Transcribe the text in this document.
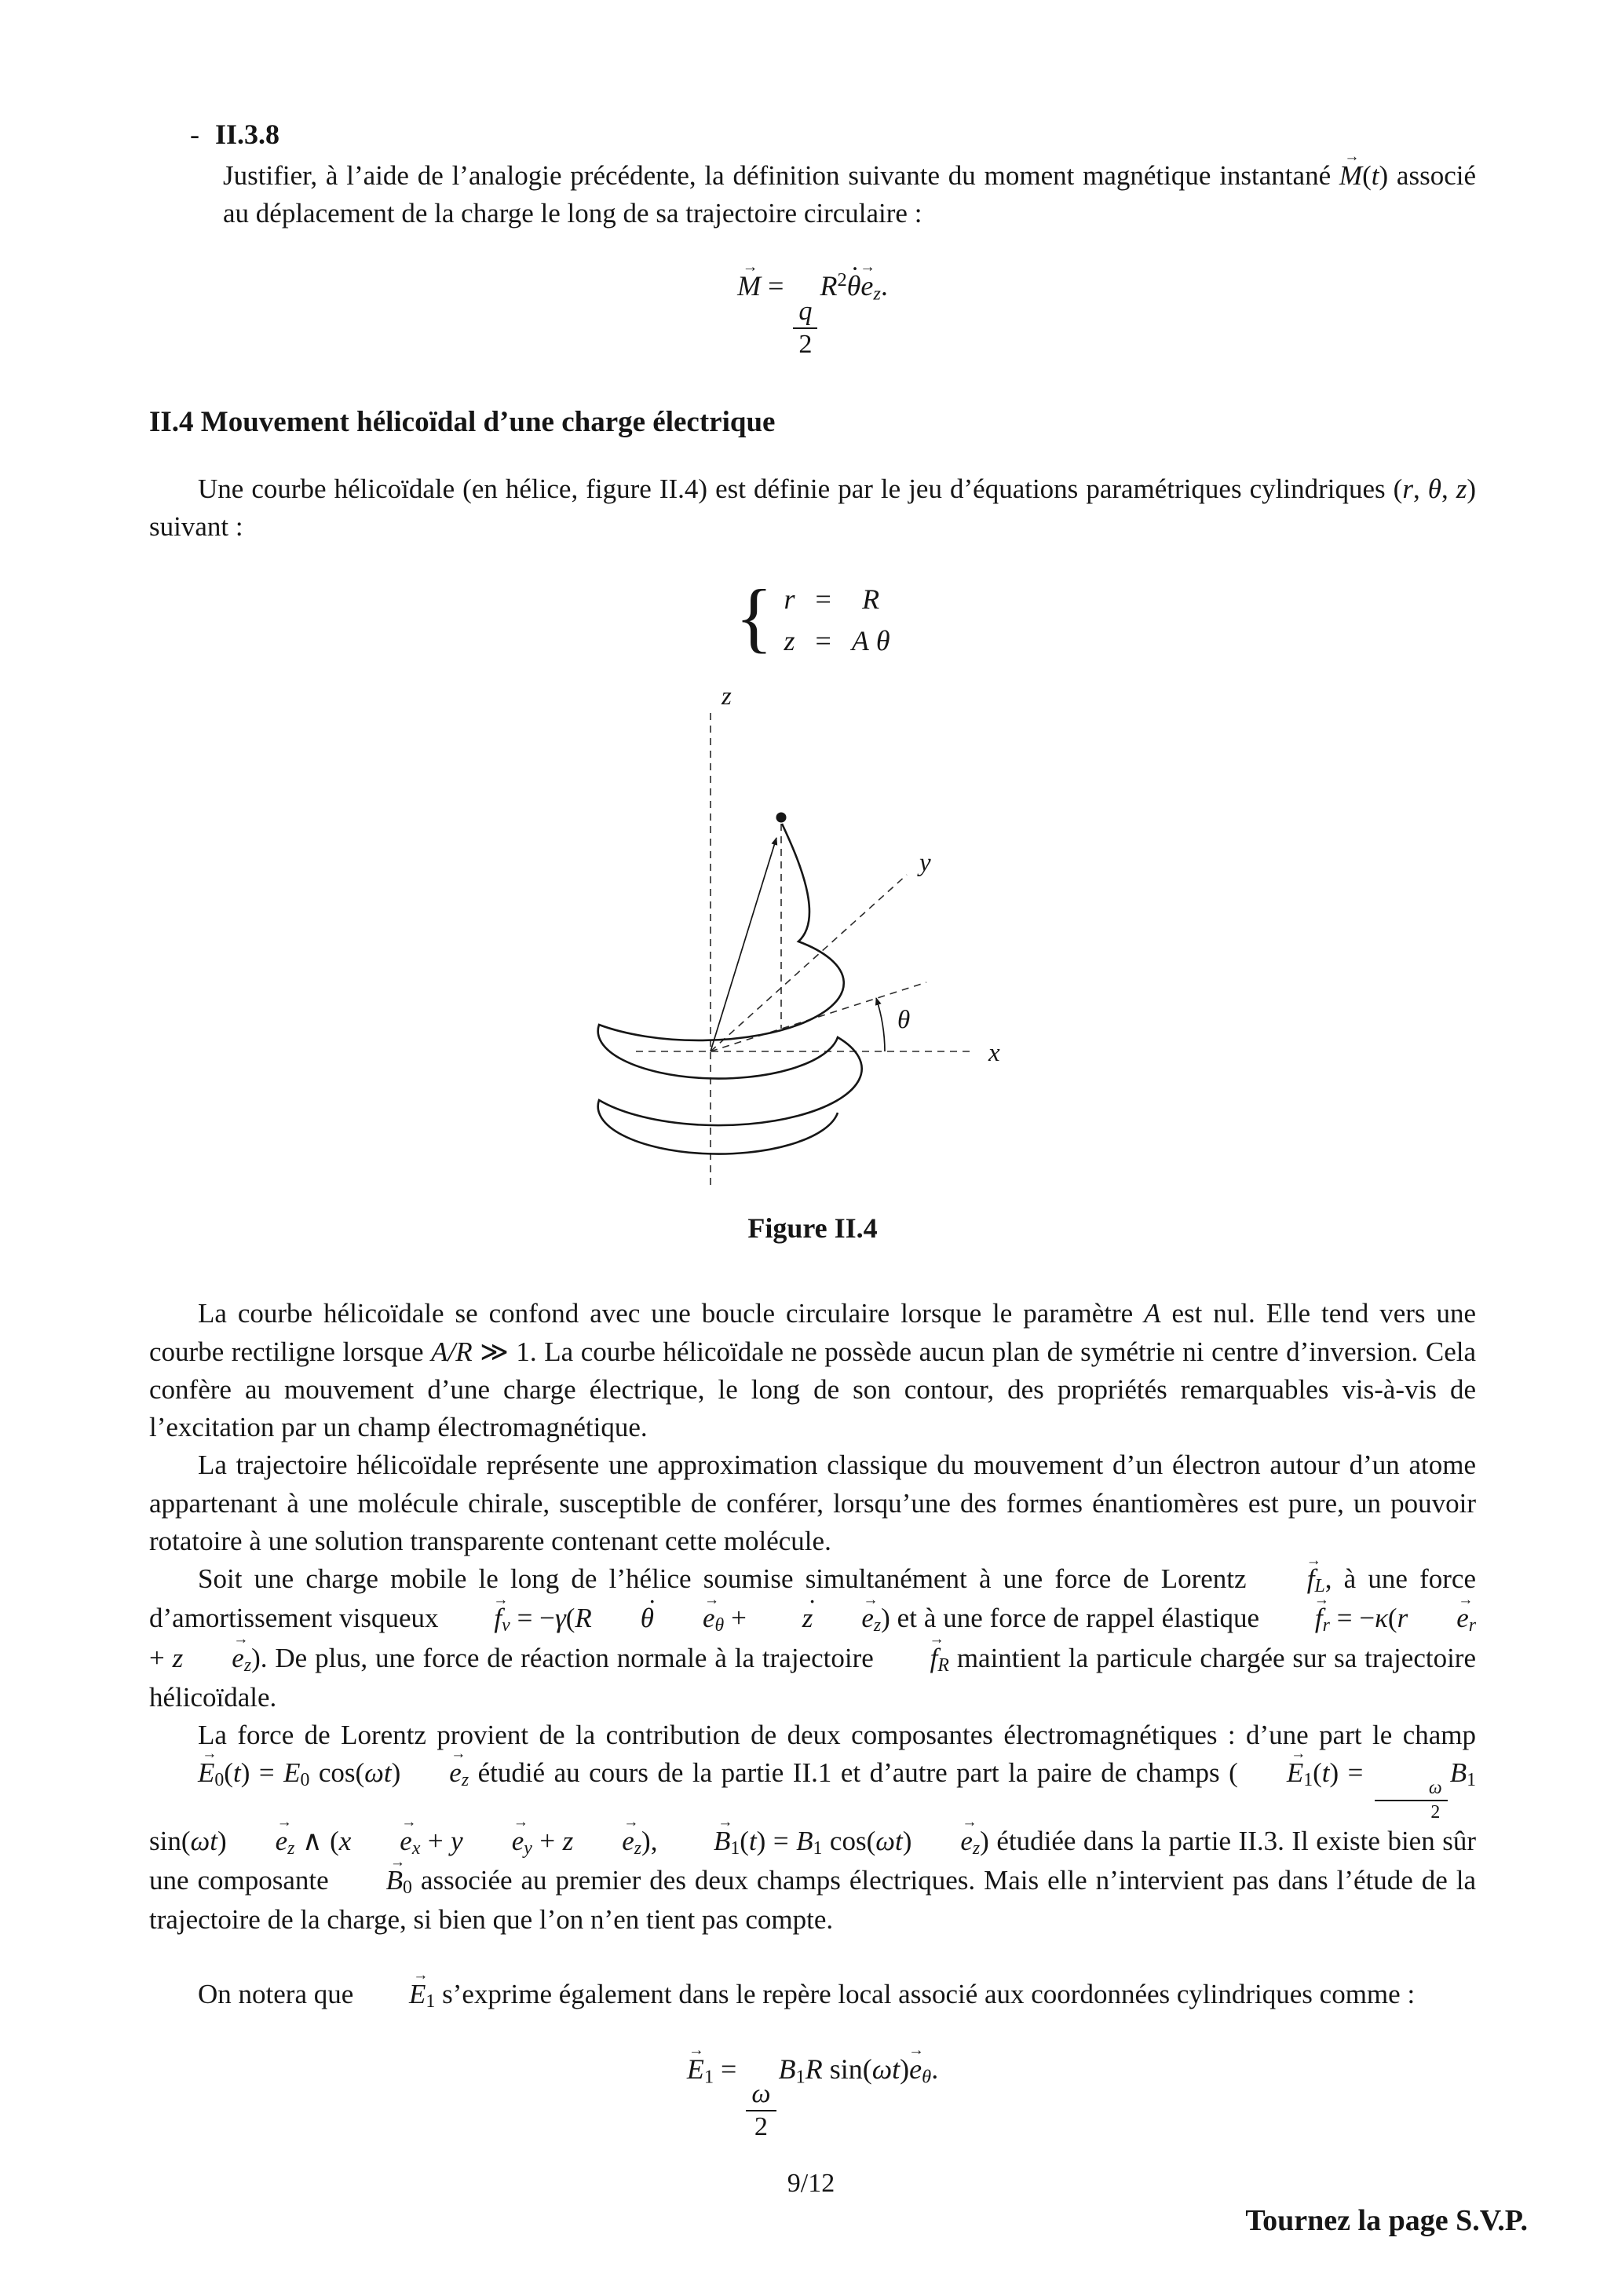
- II.3.8
Justifier, à l’aide de l’analogie précédente, la définition suivante du moment magnétique instantané M →(t) associé au déplacement de la charge le long de sa trajectoire circulaire :
M → =
$\frac{q}{2}$
$R^2\theta$ ˙e $\to_z$.
II.4 Mouvement hélicoïdal d’une charge électrique

Une courbe hélicoïdale (en hélice, figure II.4) est définie par le jeu d’équations paramétriques cylindriques (r, θ, z) suivant :

{ r =	R
z = A θ
z
y
x
θ
Figure II.4

La courbe hélicoïdale se confond avec une boucle circulaire lorsque le paramètre A est nul. Elle tend vers une courbe rectiligne lorsque A/R ≫ 1. La courbe hélicoïdale ne possède aucun plan de symétrie ni centre d’inversion. Cela confère au mouvement d’une charge électrique, le long de son contour, des propriétés remarquables vis-à-vis de l’excitation par un champ électromagnétique.

La trajectoire hélicoïdale représente une approximation classique du mouvement d’un électron autour d’un atome appartenant à une molécule chirale, susceptible de conférer, lorsqu’une des formes énantiomères est pure, un pouvoir rotatoire à une solution transparente contenant cette molécule.

Soit une charge mobile le long de l’hélice soumise simultanément à une force de Lorentz $f \to_L$, à une force d’amortissement visqueux $f \to_v = -\gamma(R$ θ ˙ $e \to_\theta + z$ ˙ $e \to_z$) et à une force de rappel élastique $f \to_r = -\kappa(r$ $e \to_r + z$ $e \to_z$). De plus, une force de réaction normale à la trajectoire $f \to_R$ maintient la particule chargée sur sa trajectoire hélicoïdale.

La force de Lorentz provient de la contribution de deux composantes électromagnétiques : d’une part le champ $E \to_0(t) = E_0$ cos(ωt) $e \to_z$ étudié au cours de la partie II.1 et d’autre part la paire de champs ( $E \to_1(t)$ =
$\frac{\omega}{2}$
$B_1$ sin(ωt) $e \to_z$ ∧ (x $e \to_x + y$ $e \to_y + z$ $e \to_z$), $B \to_1(t) = B_1$ cos(ωt) $e \to_z$) étudiée dans la partie II.3. Il existe bien sûr une composante $B \to_0$ associée au premier des deux champs électriques. Mais elle n’intervient pas dans l’étude de la trajectoire de la charge, si bien que l’on n’en tient pas compte.

On notera que $E \to_1$ s’exprime également dans le repère local associé aux coordonnées cylindriques comme :

$E \to_1$ =
$\frac{\omega}{2}$
$B_1R$ $\sin(\omega t)e \to_\theta$.
9/12
Tournez la page S.V.P.
